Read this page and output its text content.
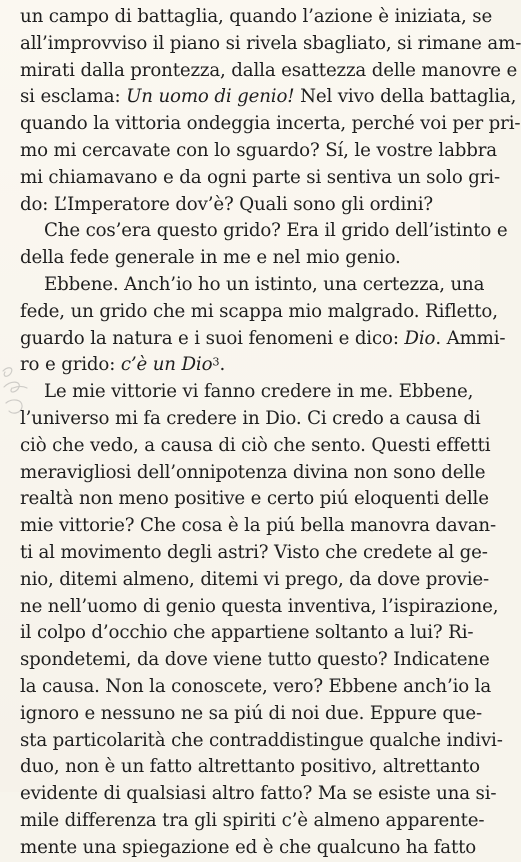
un campo di battaglia, quando l’azione è iniziata, se
all’improvviso il piano si rivela sbagliato, si rimane am-
mirati dalla prontezza, dalla esattezza delle manovre e
si esclama: Un uomo di genio! Nel vivo della battaglia,
quando la vittoria ondeggia incerta, perché voi per pri-
mo mi cercavate con lo sguardo? Sí, le vostre labbra
mi chiamavano e da ogni parte si sentiva un solo gri-
do: L’Imperatore dov’è? Quali sono gli ordini?
Che cos’era questo grido? Era il grido dell’istinto e
della fede generale in me e nel mio genio.
Ebbene. Anch’io ho un istinto, una certezza, una
fede, un grido che mi scappa mio malgrado. Rifletto,
guardo la natura e i suoi fenomeni e dico: Dio. Ammi-
ro e grido: c’è un Dio$^3$.
Le mie vittorie vi fanno credere in me. Ebbene,
l’universo mi fa credere in Dio. Ci credo a causa di
ciò che vedo, a causa di ciò che sento. Questi effetti
meravigliosi dell’onnipotenza divina non sono delle
realtà non meno positive e certo piú eloquenti delle
mie vittorie? Che cosa è la piú bella manovra davan-
ti al movimento degli astri? Visto che credete al ge-
nio, ditemi almeno, ditemi vi prego, da dove provie-
ne nell’uomo di genio questa inventiva, l’ispirazione,
il colpo d’occhio che appartiene soltanto a lui? Ri-
spondetemi, da dove viene tutto questo? Indicatene
la causa. Non la conoscete, vero? Ebbene anch’io la
ignoro e nessuno ne sa piú di noi due. Eppure que-
sta particolarità che contraddistingue qualche indivi-
duo, non è un fatto altrettanto positivo, altrettanto
evidente di qualsiasi altro fatto? Ma se esiste una si-
mile differenza tra gli spiriti c’è almeno apparente-
mente una spiegazione ed è che qualcuno ha fatto
